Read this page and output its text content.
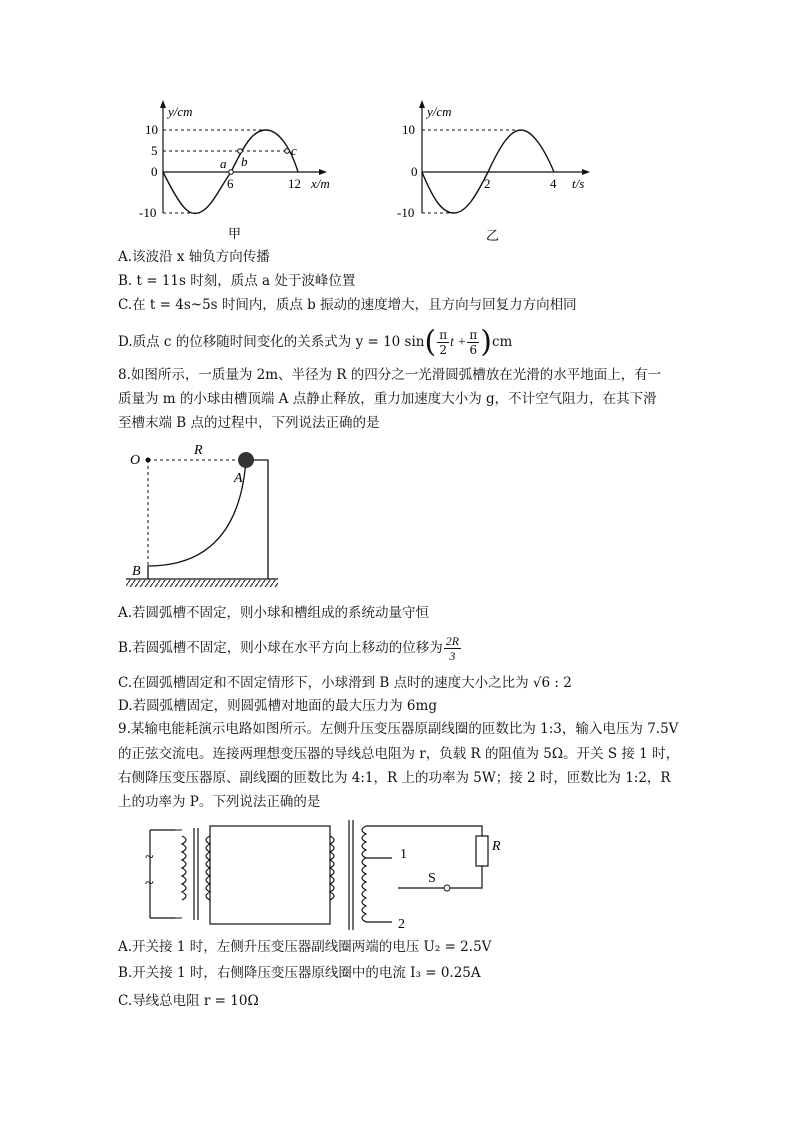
y/cm
10
5
0
-10
6	12 x/m
a b
c
甲
y/cm
10
0
-10
2	4 t/s
乙
A.该波沿 x 轴负方向传播
B. t = 11s 时刻，质点 a 处于波峰位置
C.在 t = 4s~5s 时间内，质点 b 振动的速度增大，且方向与回复力方向相同
D.质点 c 的位移随时间变化的关系式为 y = 10 $\sin( \frac{\pi}{2}$ $t + \frac{\pi}{6} )cm$
8.如图所示，一质量为 2m、半径为 R 的四分之一光滑圆弧槽放在光滑的水平地面上，有一
质量为 m 的小球由槽顶端 A 点静止释放，重力加速度大小为 g，不计空气阻力，在其下滑
至槽末端 B 点的过程中，下列说法正确的是
O
R
A
B
A.若圆弧槽不固定，则小球和槽组成的系统动量守恒
B.若圆弧槽不固定，则小球在水平方向上移动的位移为 $\frac{2R}{3}$
C.在圆弧槽固定和不固定情形下，小球滑到 B 点时的速度大小之比为 √6 : 2
D.若圆弧槽固定，则圆弧槽对地面的最大压力为 6mg
9.某输电能耗演示电路如图所示。左侧升压变压器原副线圈的匝数比为 1:3，输入电压为 7.5V
的正弦交流电。连接两理想变压器的导线总电阻为 r，负载 R 的阻值为 5Ω。开关 S 接 1 时，
右侧降压变压器原、副线圈的匝数比为 4:1，R 上的功率为 5W；接 2 时，匝数比为 1:2，R
上的功率为 P。下列说法正确的是
~
~
1
2
S
R
A.开关接 1 时，左侧升压变压器副线圈两端的电压 U₂ = 2.5V
B.开关接 1 时，右侧降压变压器原线圈中的电流 I₃ = 0.25A
C.导线总电阻 r = 10Ω
